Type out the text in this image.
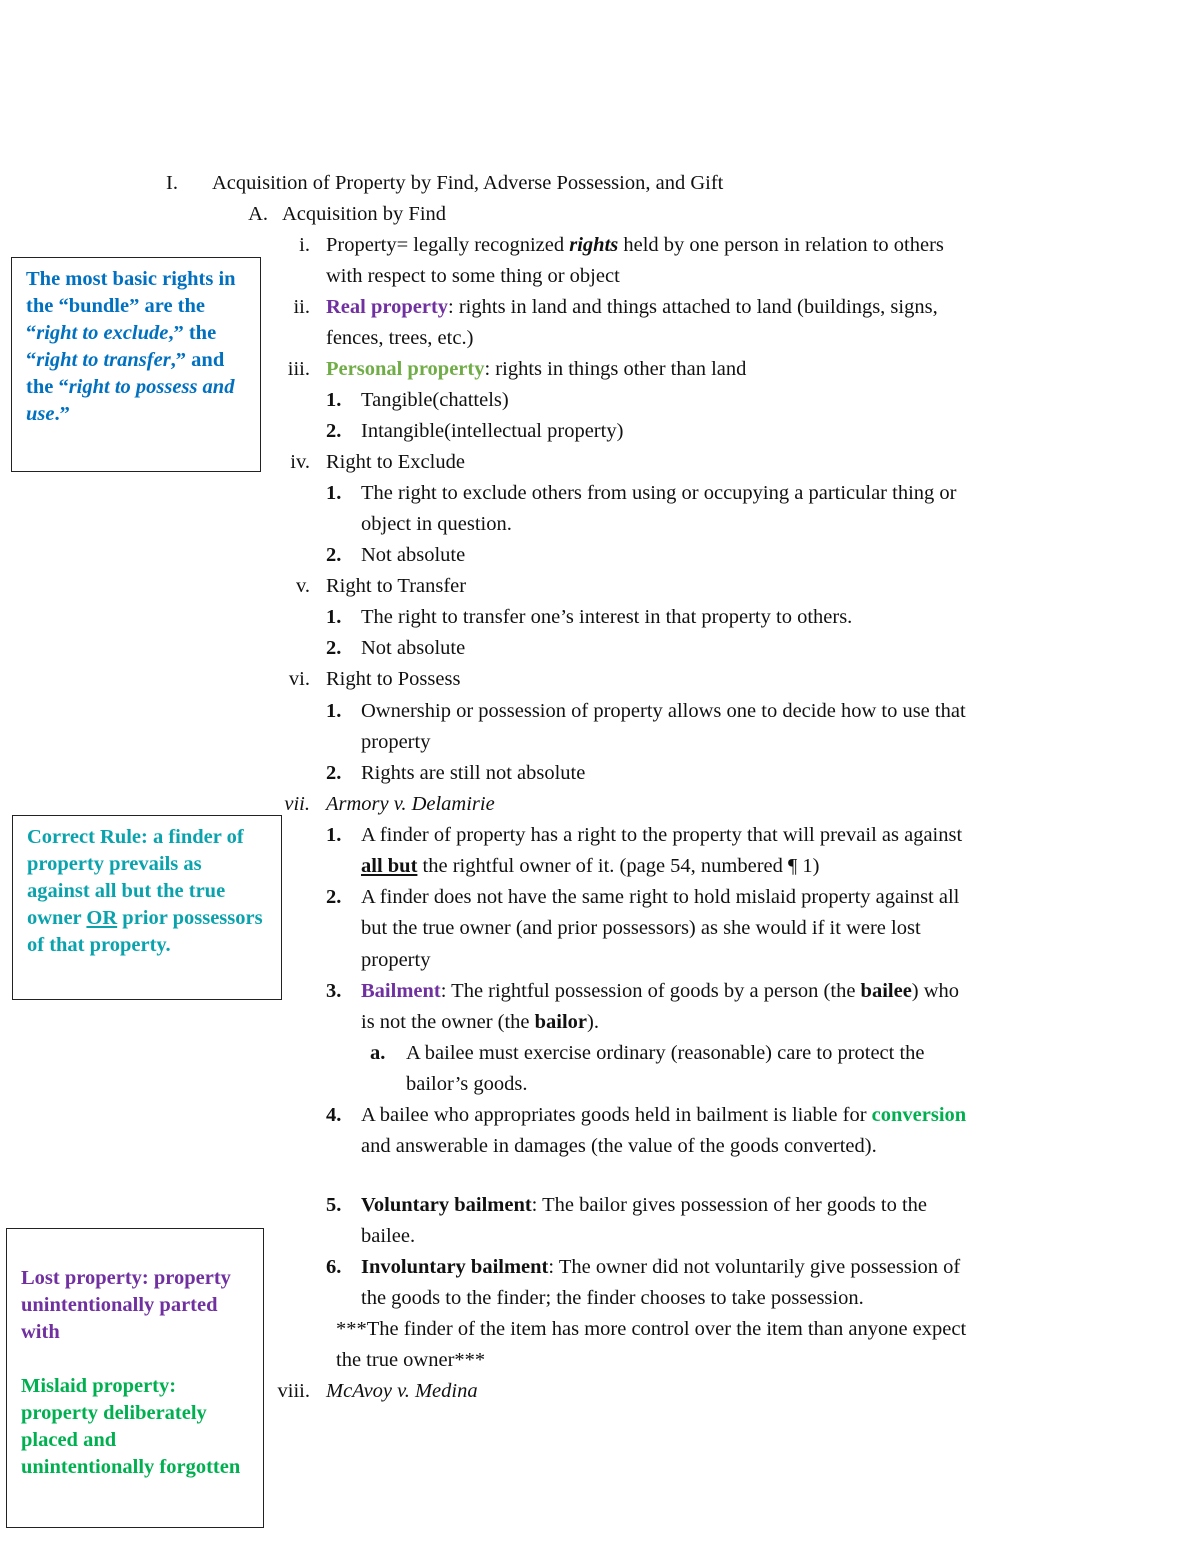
I. Acquisition of Property by Find, Adverse Possession, and Gift
A. Acquisition by Find
i. Property= legally recognized rights held by one person in relation to others
with respect to some thing or object
ii. Real property: rights in land and things attached to land (buildings, signs,
fences, trees, etc.)
iii. Personal property: rights in things other than land
1. Tangible(chattels)
2. Intangible(intellectual property)
iv. Right to Exclude
1. The right to exclude others from using or occupying a particular thing or
object in question.
2. Not absolute
v. Right to Transfer
1. The right to transfer one’s interest in that property to others.
2. Not absolute
vi. Right to Possess
1. Ownership or possession of property allows one to decide how to use that
property
2. Rights are still not absolute
vii. Armory v. Delamirie
1. A finder of property has a right to the property that will prevail as against
all but the rightful owner of it. (page 54, numbered ¶ 1)
2. A finder does not have the same right to hold mislaid property against all
but the true owner (and prior possessors) as she would if it were lost
property
3. Bailment: The rightful possession of goods by a person (the bailee) who
is not the owner (the bailor).
a. A bailee must exercise ordinary (reasonable) care to protect the
bailor’s goods.
4. A bailee who appropriates goods held in bailment is liable for conversion
and answerable in damages (the value of the goods converted).
5. Voluntary bailment: The bailor gives possession of her goods to the
bailee.
6. Involuntary bailment: The owner did not voluntarily give possession of
the goods to the finder; the finder chooses to take possession.
***The finder of the item has more control over the item than anyone expect
the true owner***
viii. McAvoy v. Medina
The most basic rights in the “bundle” are the “right to exclude,” the “right to transfer,” and the “right to possess and use.”
Correct Rule: a finder of property prevails as against all but the true owner OR prior possessors of that property.

Lost property: property unintentionally parted with

Mislaid property: property deliberately placed and unintentionally forgotten
